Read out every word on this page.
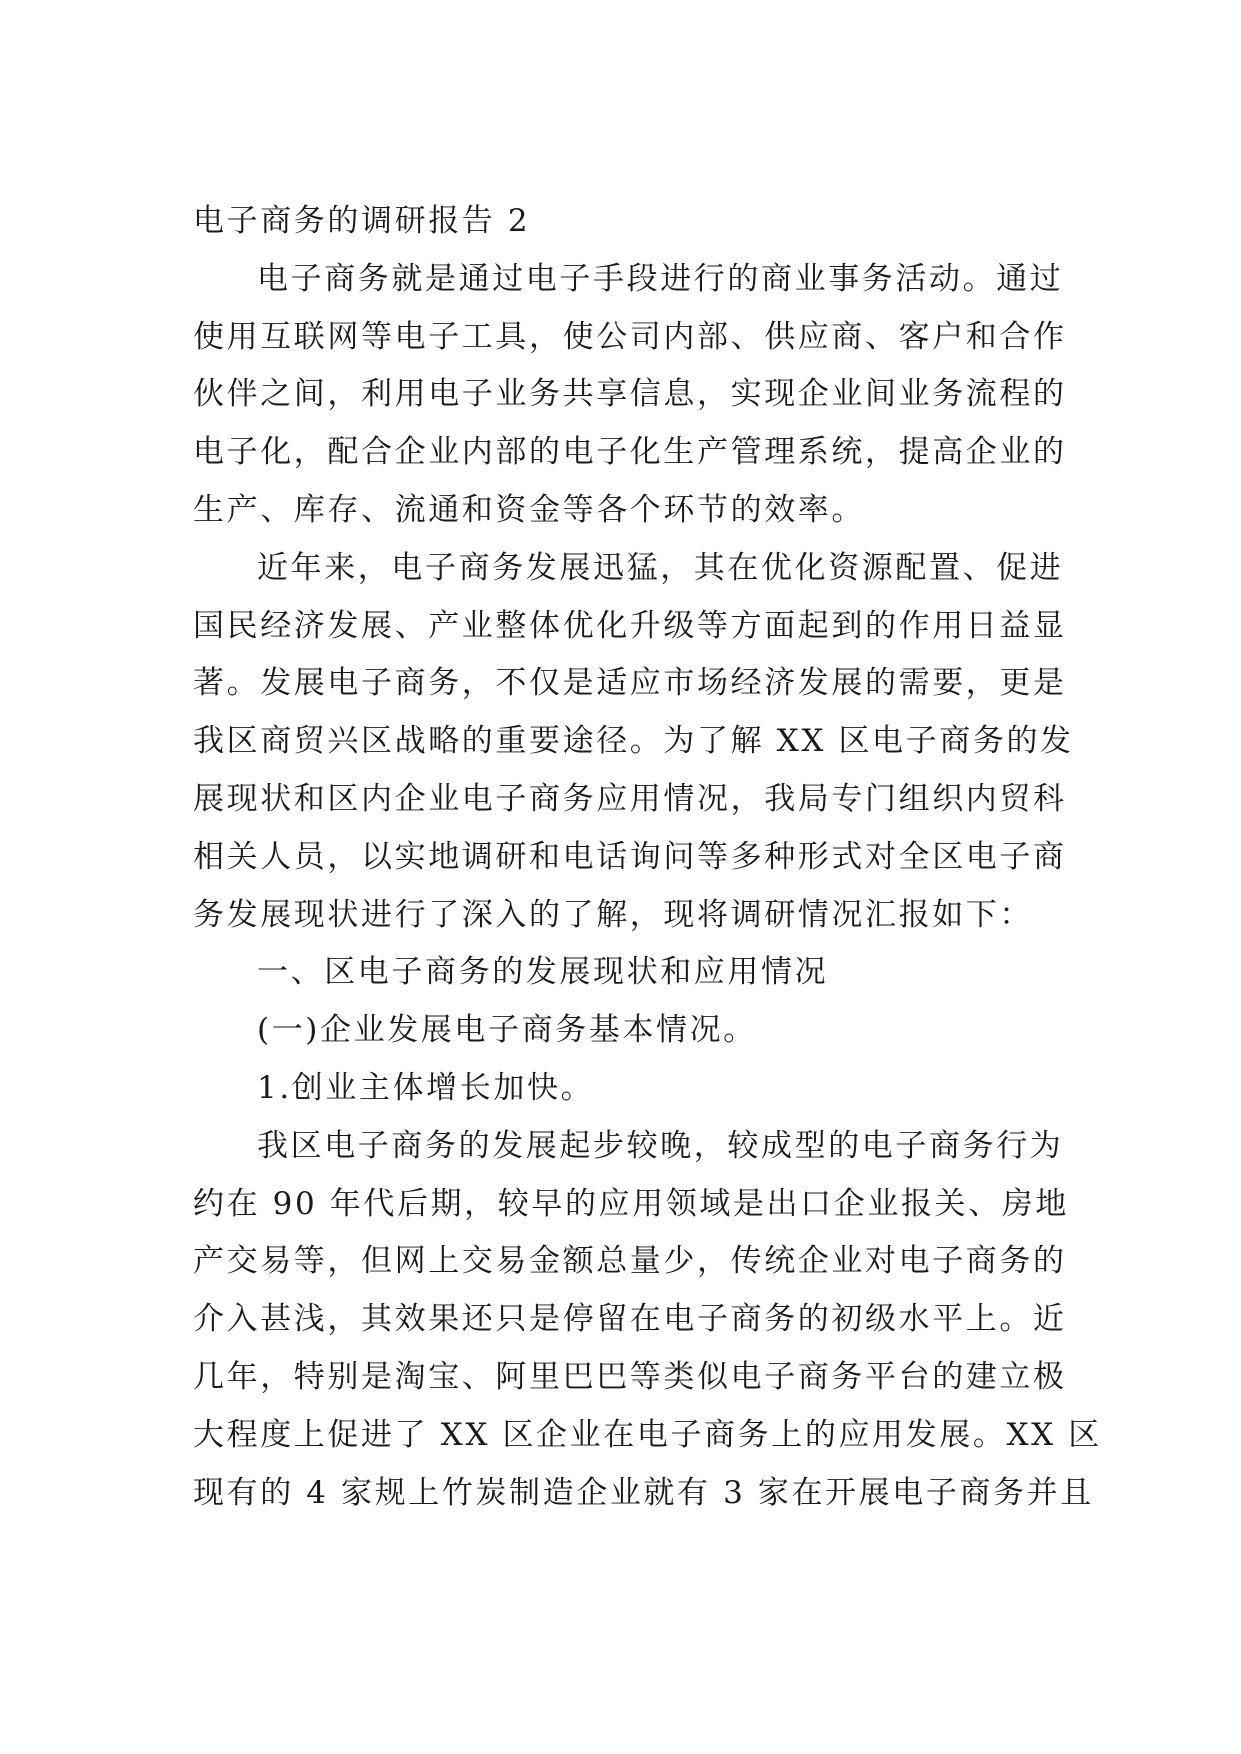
电子商务的调研报告 2
电子商务就是通过电子手段进行的商业事务活动。通过
使用互联网等电子工具，使公司内部、供应商、客户和合作
伙伴之间，利用电子业务共享信息，实现企业间业务流程的
电子化，配合企业内部的电子化生产管理系统，提高企业的
生产、库存、流通和资金等各个环节的效率。
近年来，电子商务发展迅猛，其在优化资源配置、促进
国民经济发展、产业整体优化升级等方面起到的作用日益显
著。发展电子商务，不仅是适应市场经济发展的需要，更是
我区商贸兴区战略的重要途径。为了解 XX 区电子商务的发
展现状和区内企业电子商务应用情况，我局专门组织内贸科
相关人员，以实地调研和电话询问等多种形式对全区电子商
务发展现状进行了深入的了解，现将调研情况汇报如下：
一、区电子商务的发展现状和应用情况
(一)企业发展电子商务基本情况。
1.创业主体增长加快。
我区电子商务的发展起步较晚，较成型的电子商务行为
约在 90 年代后期，较早的应用领域是出口企业报关、房地
产交易等，但网上交易金额总量少，传统企业对电子商务的
介入甚浅，其效果还只是停留在电子商务的初级水平上。近
几年，特别是淘宝、阿里巴巴等类似电子商务平台的建立极
大程度上促进了 XX 区企业在电子商务上的应用发展。XX 区
现有的 4 家规上竹炭制造企业就有 3 家在开展电子商务并且
